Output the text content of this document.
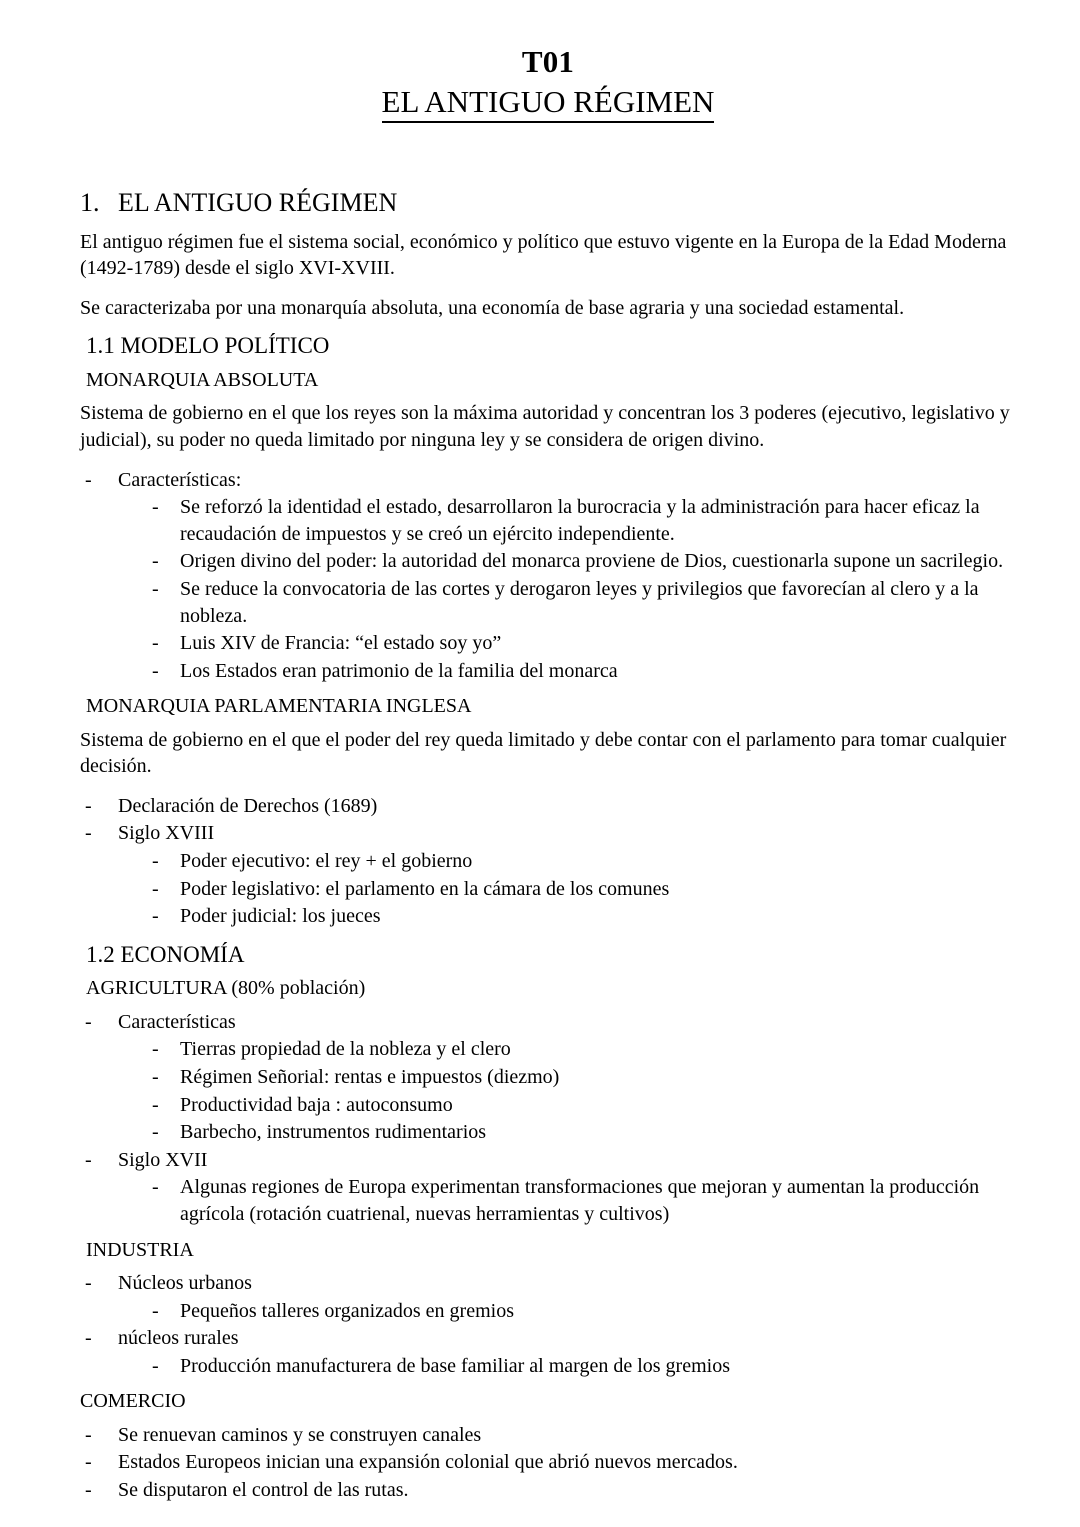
T01
EL ANTIGUO RÉGIMEN
1. EL ANTIGUO RÉGIMEN

El antiguo régimen fue el sistema social, económico y político que estuvo vigente en la Europa de la Edad Moderna (1492-1789) desde el siglo XVI-XVIII.

Se caracterizaba por una monarquía absoluta, una economía de base agraria y una sociedad estamental.

1.1 MODELO POLÍTICO
MONARQUIA ABSOLUTA

Sistema de gobierno en el que los reyes son la máxima autoridad y concentran los 3 poderes (ejecutivo, legislativo y judicial), su poder no queda limitado por ninguna ley y se considera de origen divino.

-	Características:
-	Se reforzó la identidad el estado, desarrollaron la burocracia y la administración para hacer eficaz la recaudación de impuestos y se creó un ejército independiente.
-	Origen divino del poder: la autoridad del monarca proviene de Dios, cuestionarla supone un sacrilegio.
-	Se reduce la convocatoria de las cortes y derogaron leyes y privilegios que favorecían al clero y a la nobleza.
-	Luis XIV de Francia: “el estado soy yo”
-	Los Estados eran patrimonio de la familia del monarca
MONARQUIA PARLAMENTARIA INGLESA

Sistema de gobierno en el que el poder del rey queda limitado y debe contar con el parlamento para tomar cualquier decisión.

-	Declaración de Derechos (1689)
-	Siglo XVIII
-	Poder ejecutivo: el rey + el gobierno
-	Poder legislativo: el parlamento en la cámara de los comunes
-	Poder judicial: los jueces
1.2 ECONOMÍA
AGRICULTURA (80% población)
-	Características
-	Tierras propiedad de la nobleza y el clero
-	Régimen Señorial: rentas e impuestos (diezmo)
-	Productividad baja : autoconsumo
-	Barbecho, instrumentos rudimentarios
-	Siglo XVII
-	Algunas regiones de Europa experimentan transformaciones que mejoran y aumentan la producción agrícola (rotación cuatrienal, nuevas herramientas y cultivos)
INDUSTRIA
-	Núcleos urbanos
-	Pequeños talleres organizados en gremios
-	núcleos rurales
-	Producción manufacturera de base familiar al margen de los gremios
COMERCIO
-	Se renuevan caminos y se construyen canales
-	Estados Europeos inician una expansión colonial que abrió nuevos mercados.
-	Se disputaron el control de las rutas.
